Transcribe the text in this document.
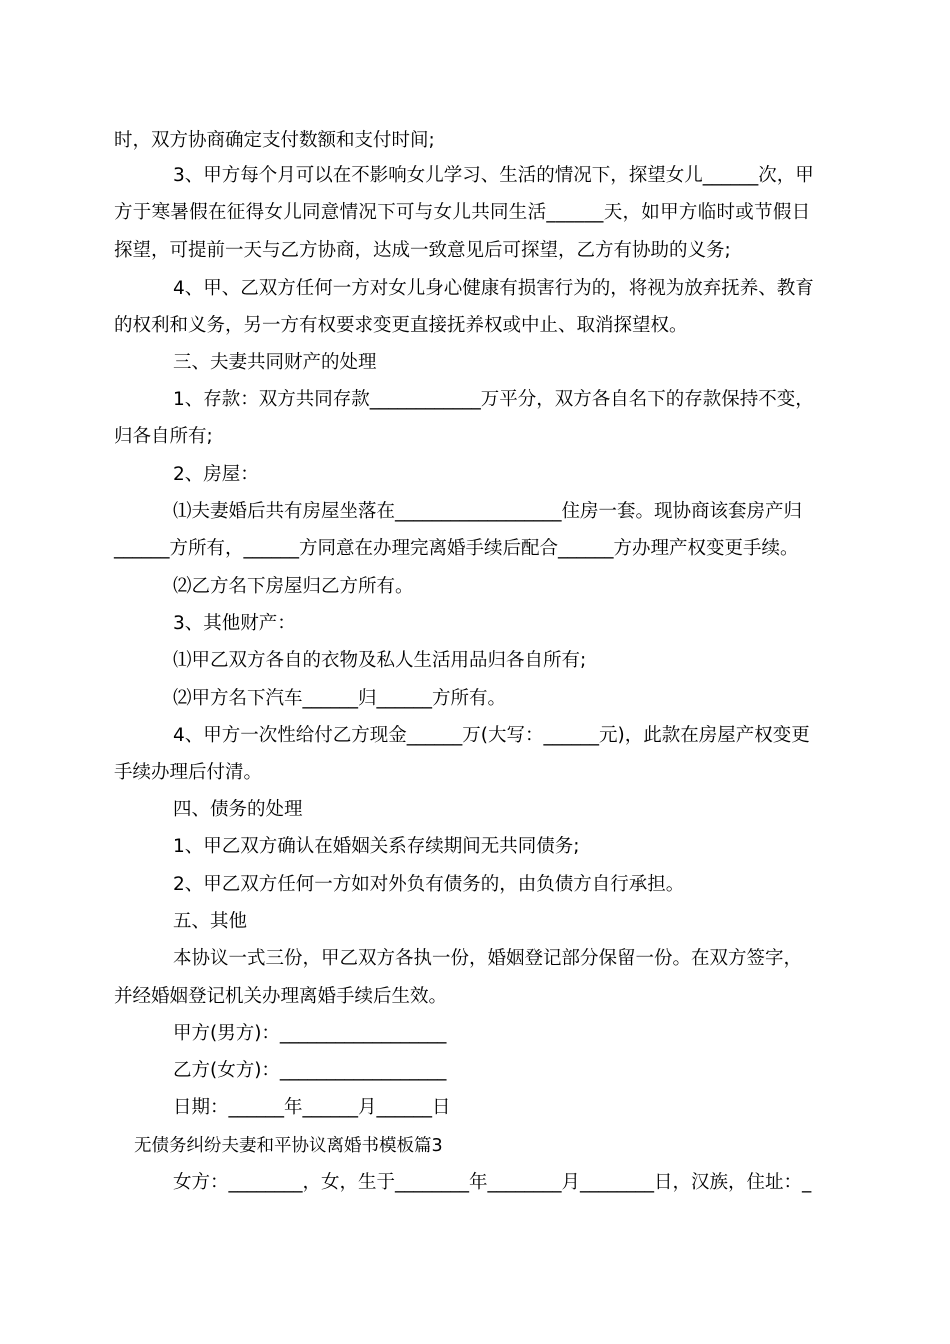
时，双方协商确定支付数额和支付时间;
3、甲方每个月可以在不影响女儿学习、生活的情况下，探望女儿______次，甲
方于寒暑假在征得女儿同意情况下可与女儿共同生活______天，如甲方临时或节假日
探望，可提前一天与乙方协商，达成一致意见后可探望，乙方有协助的义务;
4、甲、乙双方任何一方对女儿身心健康有损害行为的，将视为放弃抚养、教育
的权利和义务，另一方有权要求变更直接抚养权或中止、取消探望权。
三、夫妻共同财产的处理
1、存款：双方共同存款____________万平分，双方各自名下的存款保持不变，
归各自所有;
2、房屋：
⑴夫妻婚后共有房屋坐落在__________________住房一套。现协商该套房产归
______方所有，______方同意在办理完离婚手续后配合______方办理产权变更手续。
⑵乙方名下房屋归乙方所有。
3、其他财产：
⑴甲乙双方各自的衣物及私人生活用品归各自所有;
⑵甲方名下汽车______归______方所有。
4、甲方一次性给付乙方现金______万(大写：______元)，此款在房屋产权变更
手续办理后付清。
四、债务的处理
1、甲乙双方确认在婚姻关系存续期间无共同债务;
2、甲乙双方任何一方如对外负有债务的，由负债方自行承担。
五、其他
本协议一式三份，甲乙双方各执一份，婚姻登记部分保留一份。在双方签字，
并经婚姻登记机关办理离婚手续后生效。
甲方(男方)：__________________
乙方(女方)：__________________
日期：______年______月______日
无债务纠纷夫妻和平协议离婚书模板篇3
女方：________，女，生于________年________月________日，汉族，住址：_
